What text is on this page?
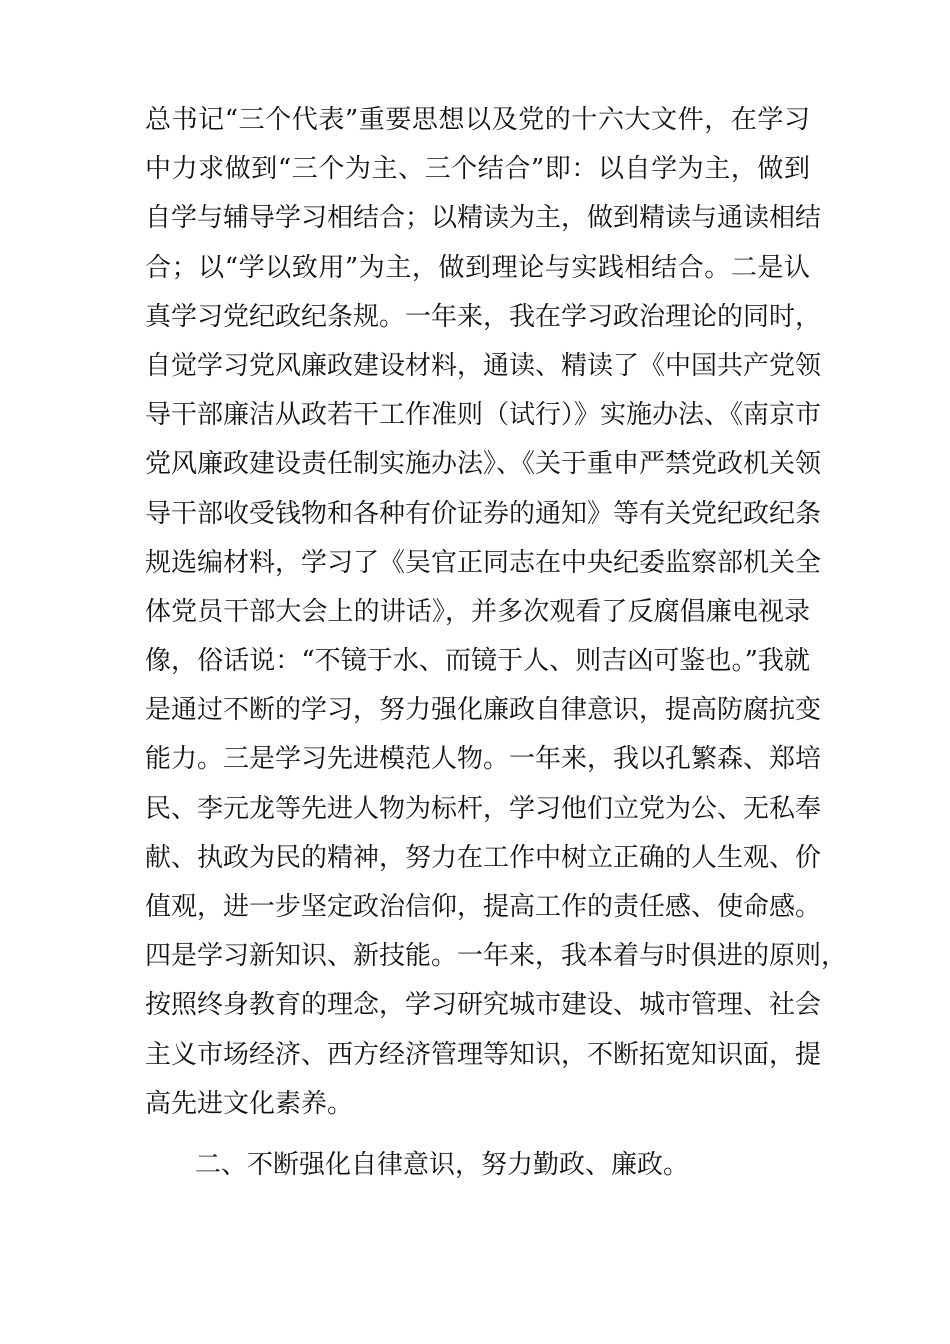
总书记“三个代表”重要思想以及党的十六大文件，在学习
中力求做到“三个为主、三个结合”即：以自学为主，做到
自学与辅导学习相结合；以精读为主，做到精读与通读相结
合；以“学以致用”为主，做到理论与实践相结合。二是认
真学习党纪政纪条规。一年来，我在学习政治理论的同时，
自觉学习党风廉政建设材料，通读、精读了《中国共产党领
导干部廉洁从政若干工作准则（试行）》实施办法、《南京市
党风廉政建设责任制实施办法》、《关于重申严禁党政机关领
导干部收受钱物和各种有价证券的通知》等有关党纪政纪条
规选编材料，学习了《吴官正同志在中央纪委监察部机关全
体党员干部大会上的讲话》，并多次观看了反腐倡廉电视录
像，俗话说：“不镜于水、而镜于人、则吉凶可鉴也。”我就
是通过不断的学习，努力强化廉政自律意识，提高防腐抗变
能力。三是学习先进模范人物。一年来，我以孔繁森、郑培
民、李元龙等先进人物为标杆，学习他们立党为公、无私奉
献、执政为民的精神，努力在工作中树立正确的人生观、价
值观，进一步坚定政治信仰，提高工作的责任感、使命感。
四是学习新知识、新技能。一年来，我本着与时俱进的原则，
按照终身教育的理念，学习研究城市建设、城市管理、社会
主义市场经济、西方经济管理等知识，不断拓宽知识面，提
高先进文化素养。
二、不断强化自律意识，努力勤政、廉政。
